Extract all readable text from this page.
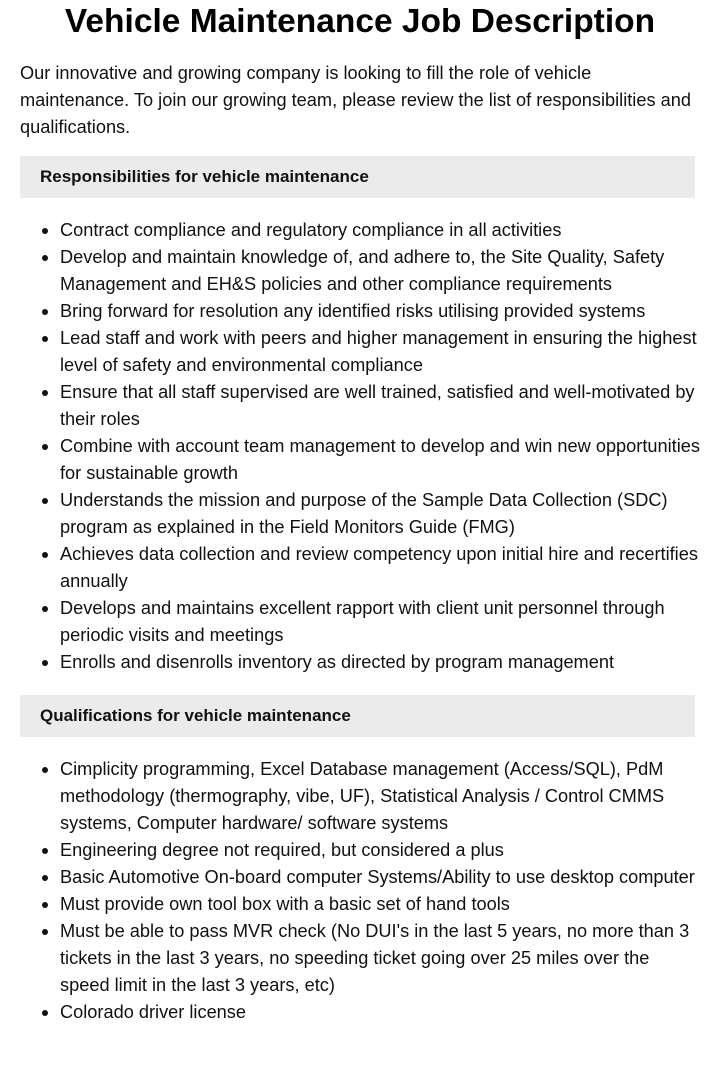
Vehicle Maintenance Job Description

Our innovative and growing company is looking to fill the role of vehicle maintenance. To join our growing team, please review the list of responsibilities and qualifications.

Responsibilities for vehicle maintenance
Contract compliance and regulatory compliance in all activities
Develop and maintain knowledge of, and adhere to, the Site Quality, Safety Management and EH&S policies and other compliance requirements
Bring forward for resolution any identified risks utilising provided systems
Lead staff and work with peers and higher management in ensuring the highest level of safety and environmental compliance
Ensure that all staff supervised are well trained, satisfied and well-motivated by their roles
Combine with account team management to develop and win new opportunities for sustainable growth
Understands the mission and purpose of the Sample Data Collection (SDC) program as explained in the Field Monitors Guide (FMG)
Achieves data collection and review competency upon initial hire and recertifies annually
Develops and maintains excellent rapport with client unit personnel through periodic visits and meetings
Enrolls and disenrolls inventory as directed by program management
Qualifications for vehicle maintenance
Cimplicity programming, Excel Database management (Access/SQL), PdM methodology (thermography, vibe, UF), Statistical Analysis / Control CMMS systems, Computer hardware/ software systems
Engineering degree not required, but considered a plus
Basic Automotive On-board computer Systems/Ability to use desktop computer
Must provide own tool box with a basic set of hand tools
Must be able to pass MVR check (No DUI's in the last 5 years, no more than 3 tickets in the last 3 years, no speeding ticket going over 25 miles over the speed limit in the last 3 years, etc)
Colorado driver license
